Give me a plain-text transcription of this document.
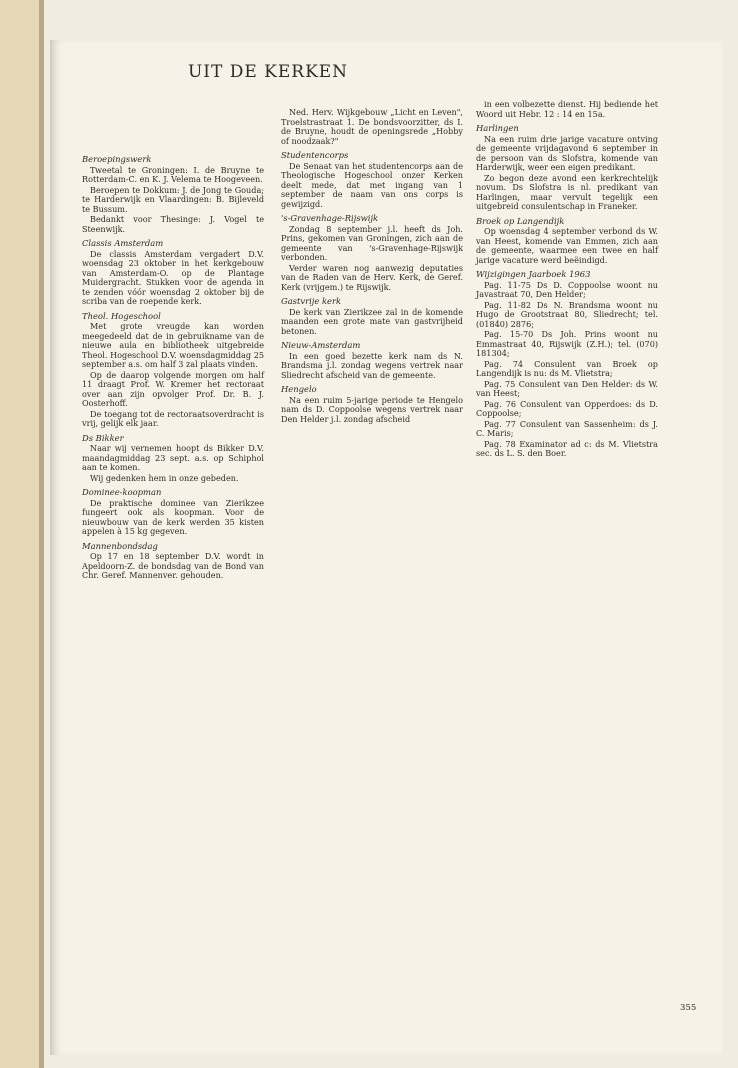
UIT DE KERKEN
Beroepingswerk
Tweetal te Groningen: I. de Bruyne te Rotterdam-C. en K. J. Velema te Hoogeveen.
Beroepen te Dokkum: J. de Jong te Gouda; te Harderwijk en Vlaardingen: B. Bijleveld te Bussum.
Bedankt voor Thesinge: J. Vogel te Steenwijk.
Classis Amsterdam
De classis Amsterdam vergadert D.V. woensdag 23 oktober in het kerkgebouw van Amsterdam-O. op de Plantage Muidergracht. Stukken voor de agenda in te zenden vóór woensdag 2 oktober bij de scriba van de roepende kerk.
Theol. Hogeschool
Met grote vreugde kan worden meegedeeld dat de in gebruikname van de nieuwe aula en bibliotheek uitgebreide Theol. Hogeschool D.V. woensdagmiddag 25 september a.s. om half 3 zal plaats vinden.
Op de daarop volgende morgen om half 11 draagt Prof. W. Kremer het rectoraat over aan zijn opvolger Prof. Dr. B. J. Oosterhoff.
De toegang tot de rectoraatsoverdracht is vrij, gelijk elk jaar.
Ds Bikker
Naar wij vernemen hoopt ds Bikker D.V. maandagmiddag 23 sept. a.s. op Schiphol aan te komen.
Wij gedenken hem in onze gebeden.
Dominee-koopman
De praktische dominee van Zierikzee fungeert ook als koopman. Voor de nieuwbouw van de kerk werden 35 kisten appelen à 15 kg gegeven.
Mannenbondsdag
Op 17 en 18 september D.V. wordt in Apeldoorn-Z. de bondsdag van de Bond van Chr. Geref. Mannenver. gehouden.
Ned. Herv. Wijkgebouw „Licht en Leven", Troelstrastraat 1. De bondsvoorzitter, ds I. de Bruyne, houdt de openingsrede „Hobby of noodzaak?"
Studentencorps
De Senaat van het studentencorps aan de Theologische Hogeschool onzer Kerken deelt mede, dat met ingang van 1 september de naam van ons corps is gewijzigd.
's-Gravenhage-Rijswijk
Zondag 8 september j.l. heeft ds Joh. Prins, gekomen van Groningen, zich aan de gemeente van 's-Gravenhage-Rijswijk verbonden.
Verder waren nog aanwezig deputaties van de Raden van de Herv. Kerk, de Geref. Kerk (vrijgem.) te Rijswijk.
Gastvrije kerk
De kerk van Zierikzee zal in de komende maanden een grote mate van gastvrijheid betonen.
Nieuw-Amsterdam
In een goed bezette kerk nam ds N. Brandsma j.l. zondag wegens vertrek naar Sliedrecht afscheid van de gemeente.
Hengelo
Na een ruim 5-jarige periode te Hengelo nam ds D. Coppoolse wegens vertrek naar Den Helder j.l. zondag afscheid
in een volbezette dienst. Hij bediende het Woord uit Hebr. 12 : 14 en 15a.
Harlingen
Na een ruim drie jarige vacature ontving de gemeente vrijdagavond 6 september in de persoon van ds Slofstra, komende van Harderwijk, weer een eigen predikant.
Zo begon deze avond een kerkrechtelijk novum. Ds Slofstra is nl. predikant van Harlingen, maar vervult tegelijk een uitgebreid consulentschap in Franeker.
Broek op Langendijk
Op woensdag 4 september verbond ds W. van Heest, komende van Emmen, zich aan de gemeente, waarmee een twee en half jarige vacature werd beëindigd.
Wijzigingen Jaarboek 1963
Pag. 11-75 Ds D. Coppoolse woont nu Javastraat 70, Den Helder;
Pag. 11-82 Ds N. Brandsma woont nu Hugo de Grootstraat 80, Sliedrecht; tel. (01840) 2876;
Pag. 15-70 Ds Joh. Prins woont nu Emmastraat 40, Rijswijk (Z.H.); tel. (070) 181304;
Pag. 74 Consulent van Broek op Langendijk is nu: ds M. Vlietstra;
Pag. 75 Consulent van Den Helder: ds W. van Heest;
Pag. 76 Consulent van Opperdoes: ds D. Coppoolse;
Pag. 77 Consulent van Sassenheim: ds J. C. Maris;
Pag. 78 Examinator ad c: ds M. Vlietstra sec. ds L. S. den Boer.
355
